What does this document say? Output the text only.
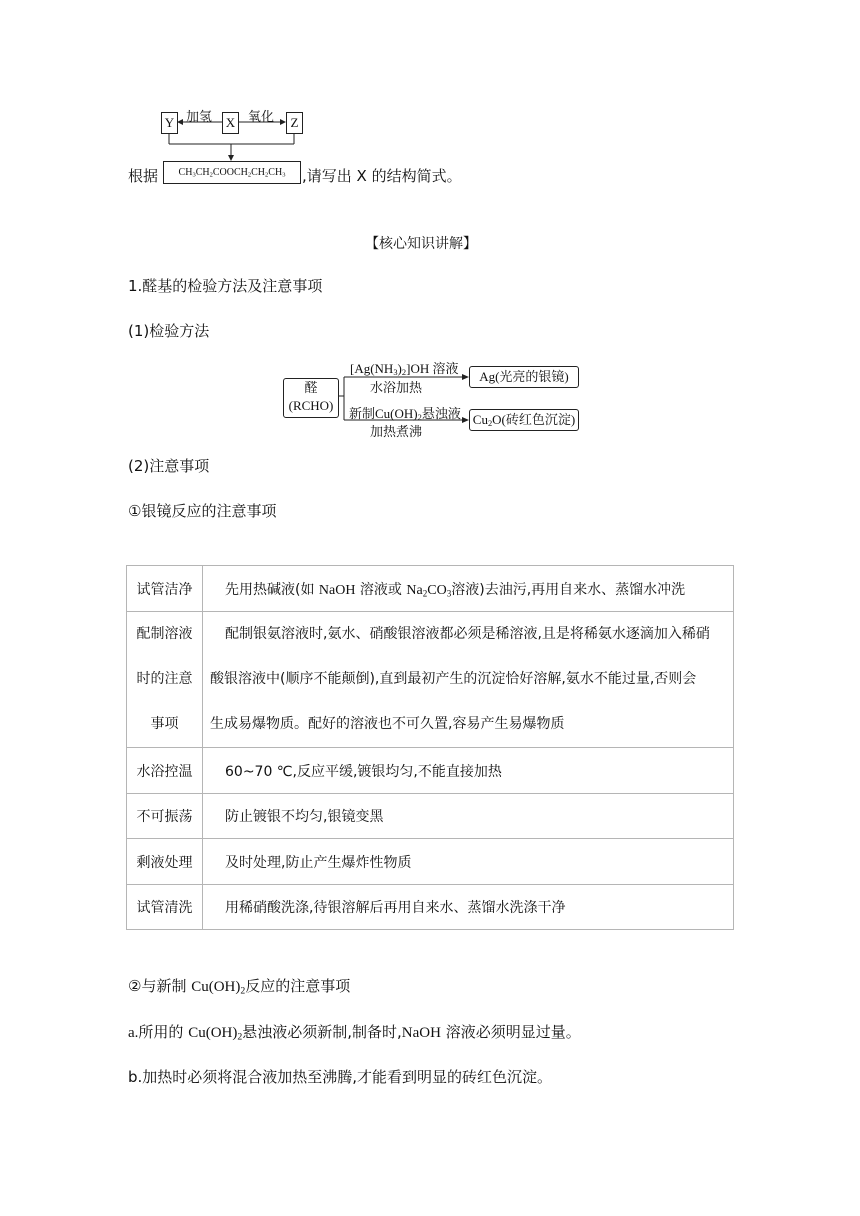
Y	X	Z
加氢	氧化
根据	$CH_3CH_2COOCH_2CH_2CH_3$	,请写出 X 的结构简式。
【核心知识讲解】
1.醛基的检验方法及注意事项
(1)检验方法
醛
(RCHO)
$[Ag(NH_3)_2]OH$ 溶液
水浴加热
Ag(光亮的银镜)
新制$Cu(OH)_2$悬浊液
加热煮沸
$Cu_2O$(砖红色沉淀)
(2)注意事项
①银镜反应的注意事项
试管洁净	先用热碱液(如 NaOH 溶液或 $Na_2CO_3$溶液)去油污,再用自来水、蒸馏水冲洗

配制溶液
时的注意
事项	配制银氨溶液时,氨水、硝酸银溶液都必须是稀溶液,且是将稀氨水逐滴加入稀硝
酸银溶液中(顺序不能颠倒),直到最初产生的沉淀恰好溶解,氨水不能过量,否则会
生成易爆物质。配好的溶液也不可久置,容易产生易爆物质

水浴控温	60~70 ℃,反应平缓,镀银均匀,不能直接加热
不可振荡	防止镀银不均匀,银镜变黑
剩液处理	及时处理,防止产生爆炸性物质
试管清洗	用稀硝酸洗涤,待银溶解后再用自来水、蒸馏水洗涤干净
②与新制 $Cu(OH)_2$反应的注意事项
a.所用的 $Cu(OH)_2$悬浊液必须新制,制备时,NaOH 溶液必须明显过量。
b.加热时必须将混合液加热至沸腾,才能看到明显的砖红色沉淀。
